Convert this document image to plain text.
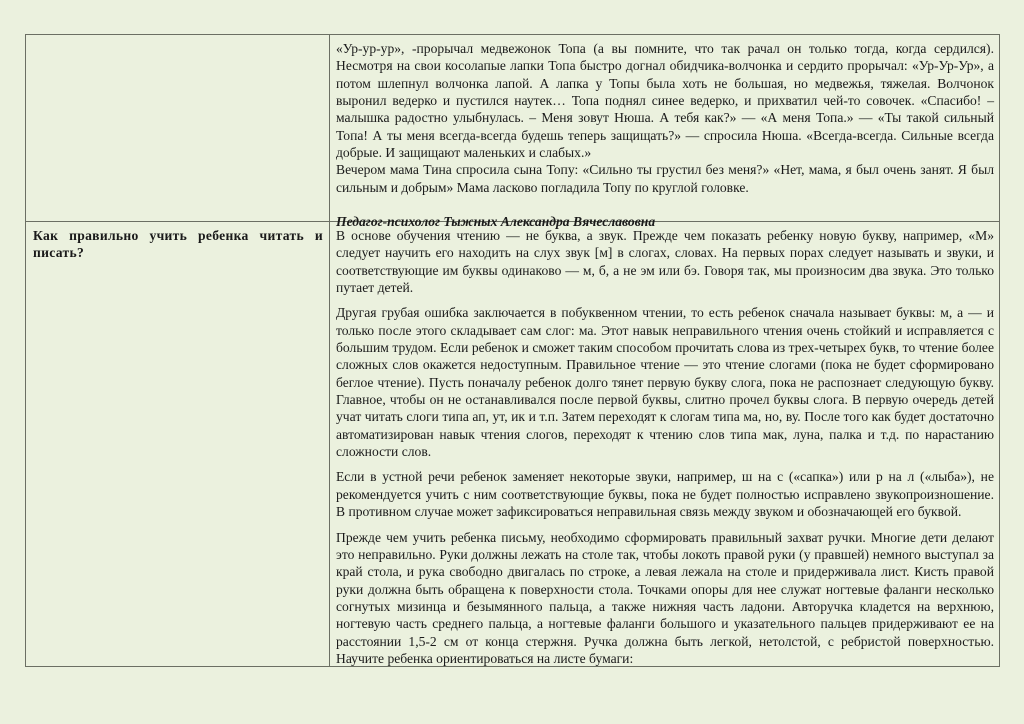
«Ур-ур-ур», -прорычал медвежонок Топа (а вы помните, что так рачал он только тогда, когда сердился). Несмотря на свои косолапые лапки Топа быстро догнал обидчика-волчонка и сердито прорычал: «Ур-Ур-Ур», а потом шлепнул волчонка лапой. А лапка у Топы была хоть не большая, но медвежья, тяжелая. Волчонок выронил ведерко и пустился наутек… Топа поднял синее ведерко, и прихватил чей-то совочек. «Спасибо! – малышка радостно улыбнулась. – Меня зовут Нюша. А тебя как?» — «А меня Топа.» — «Ты такой сильный Топа! А ты меня всегда-всегда будешь теперь защищать?» — спросила Нюша. «Всегда-всегда. Сильные всегда добрые. И защищают маленьких и слабых.»

Вечером мама Тина спросила сына Топу: «Сильно ты грустил без меня?» «Нет, мама, я был очень занят. Я был сильным и добрым» Мама ласково погладила Топу по круглой головке.

Педагог-психолог Тыжных Александра Вячеславовна

Как правильно учить ребенка читать и писать?

В основе обучения чтению — не буква, а звук. Прежде чем показать ребенку новую букву, например, «М» следует научить его находить на слух звук [м] в слогах, словах. На первых порах следует называть и звуки, и соответствующие им буквы одинаково — м, б, а не эм или бэ. Говоря так, мы произносим два звука. Это только путает детей.

Другая грубая ошибка заключается в побуквенном чтении, то есть ребенок сначала называет буквы: м, а — и только после этого складывает сам слог: ма. Этот навык неправильного чтения очень стойкий и исправляется с большим трудом. Если ребенок и сможет таким способом прочитать слова из трех-четырех букв, то чтение более сложных слов окажется недоступным. Правильное чтение — это чтение слогами (пока не будет сформировано беглое чтение). Пусть поначалу ребенок долго тянет первую букву слога, пока не распознает следующую букву. Главное, чтобы он не останавливался после первой буквы, слитно прочел буквы слога. В первую очередь детей учат читать слоги типа ап, ут, ик и т.п. Затем переходят к слогам типа ма, но, ву. После того как будет достаточно автоматизирован навык чтения слогов, переходят к чтению слов типа мак, луна, палка и т.д. по нарастанию сложности слов.

Если в устной речи ребенок заменяет некоторые звуки, например, ш на с («сапка») или р на л («лыба»), не рекомендуется учить с ним соответствующие буквы, пока не будет полностью исправлено звукопроизношение. В противном случае может зафиксироваться неправильная связь между звуком и обозначающей его буквой.

Прежде чем учить ребенка письму, необходимо сформировать правильный захват ручки. Многие дети делают это неправильно. Руки должны лежать на столе так, чтобы локоть правой руки (у правшей) немного выступал за край стола, и рука свободно двигалась по строке, а левая лежала на столе и придерживала лист. Кисть правой руки должна быть обращена к поверхности стола. Точками опоры для нее служат ногтевые фаланги несколько согнутых мизинца и безымянного пальца, а также нижняя часть ладони. Авторучка кладется на верхнюю, ногтевую часть среднего пальца, а ногтевые фаланги большого и указательного пальцев придерживают ее на расстоянии 1,5-2 см от конца стержня. Ручка должна быть легкой, нетолстой, с ребристой поверхностью. Научите ребенка ориентироваться на листе бумаги:
